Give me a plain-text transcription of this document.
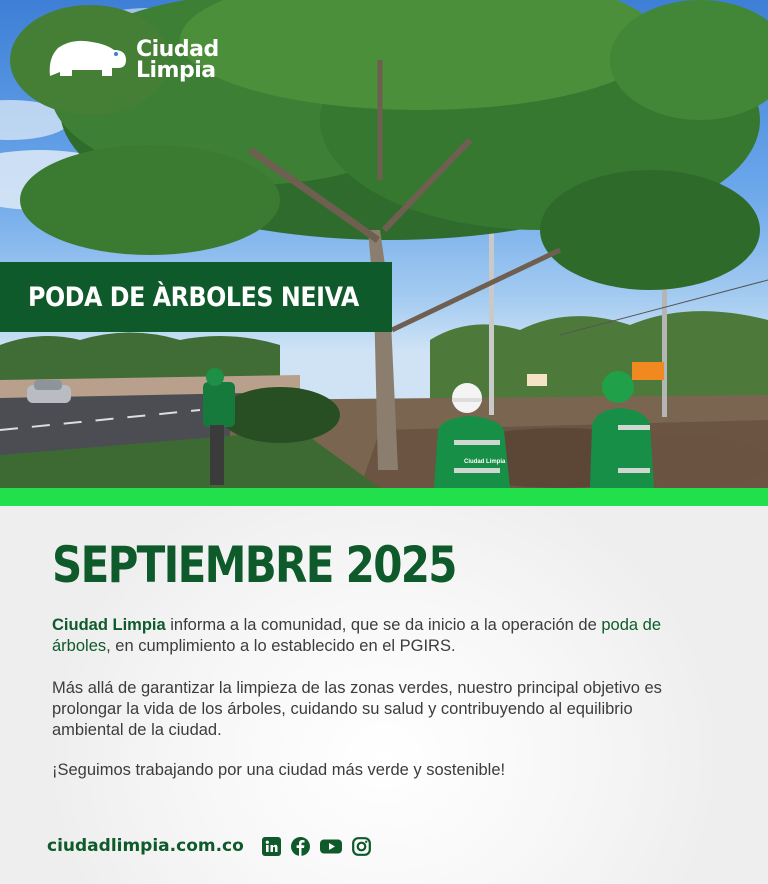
Ciudad Limpia
Ciudad
Limpia
PODA DE ÀRBOLES NEIVA
SEPTIEMBRE 2025

Ciudad Limpia informa a la comunidad, que se da inicio a la operación de poda de árboles, en cumplimiento a lo establecido en el PGIRS.

Más allá de garantizar la limpieza de las zonas verdes, nuestro principal objetivo es prolongar la vida de los árboles, cuidando su salud y contribuyendo al equilibrio ambiental de la ciudad.

¡Seguimos trabajando por una ciudad más verde y sostenible!

ciudadlimpia.com.co
